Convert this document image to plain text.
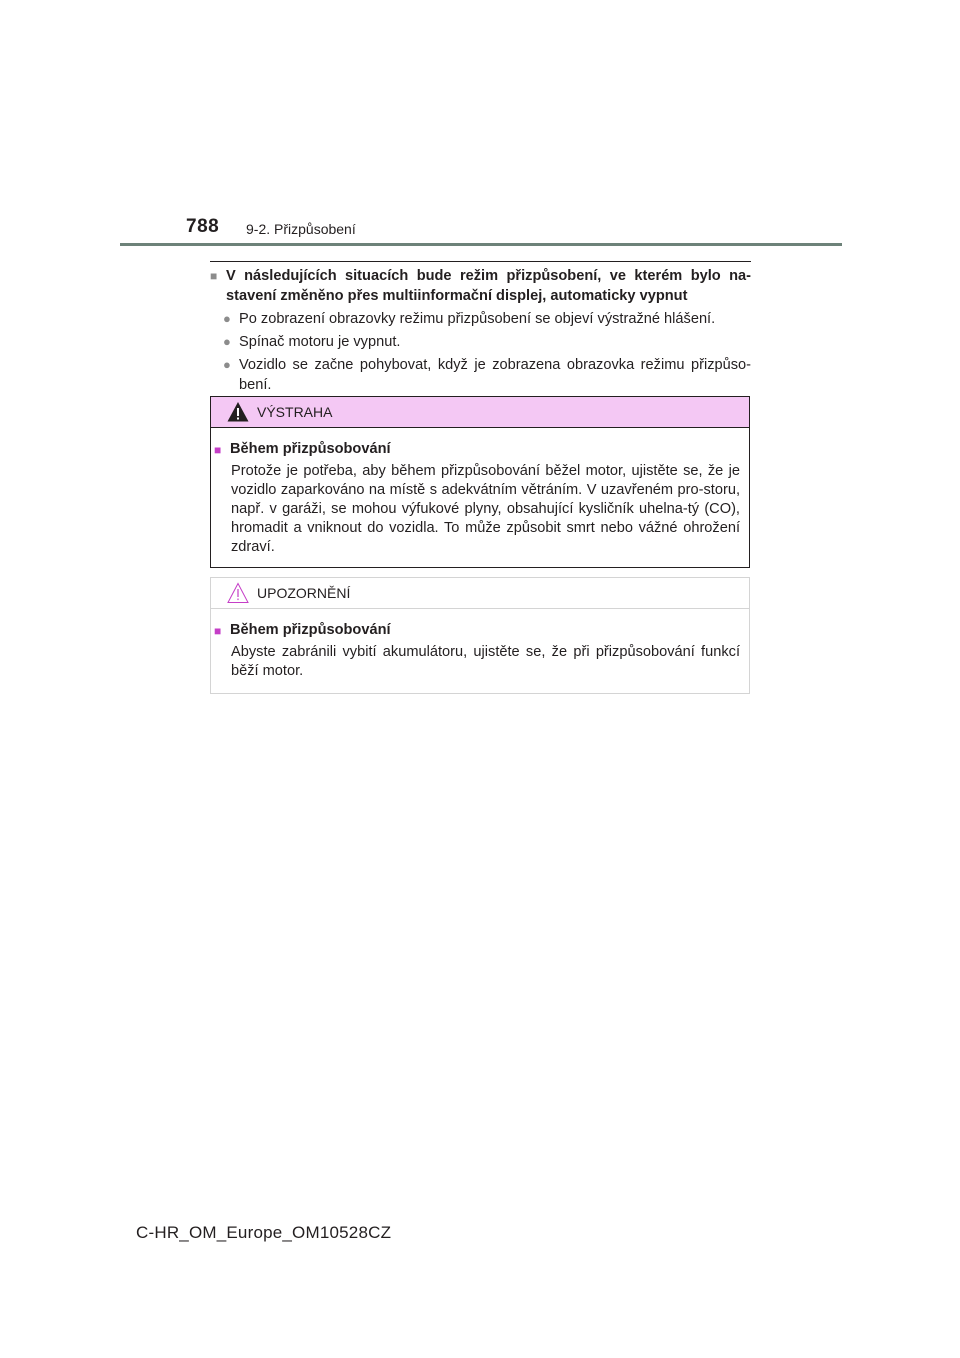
788 9-2. Přizpůsobení
■ V následujících situacích bude režim přizpůsobení, ve kterém bylo na-stavení změněno přes multiinformační displej, automaticky vypnut
● Po zobrazení obrazovky režimu přizpůsobení se objeví výstražné hlášení.
● Spínač motoru je vypnut.
● Vozidlo se začne pohybovat, když je zobrazena obrazovka režimu přizpůso-bení.
VÝSTRAHA
■ Během přizpůsobování
Protože je potřeba, aby během přizpůsobování běžel motor, ujistěte se, že je vozidlo zaparkováno na místě s adekvátním větráním. V uzavřeném pro-storu, např. v garáži, se mohou výfukové plyny, obsahující kysličník uhelna-tý (CO), hromadit a vniknout do vozidla. To může způsobit smrt nebo vážné ohrožení zdraví.
UPOZORNĚNÍ
■ Během přizpůsobování
Abyste zabránili vybití akumulátoru, ujistěte se, že při přizpůsobování funkcí běží motor.
C-HR_OM_Europe_OM10528CZ
